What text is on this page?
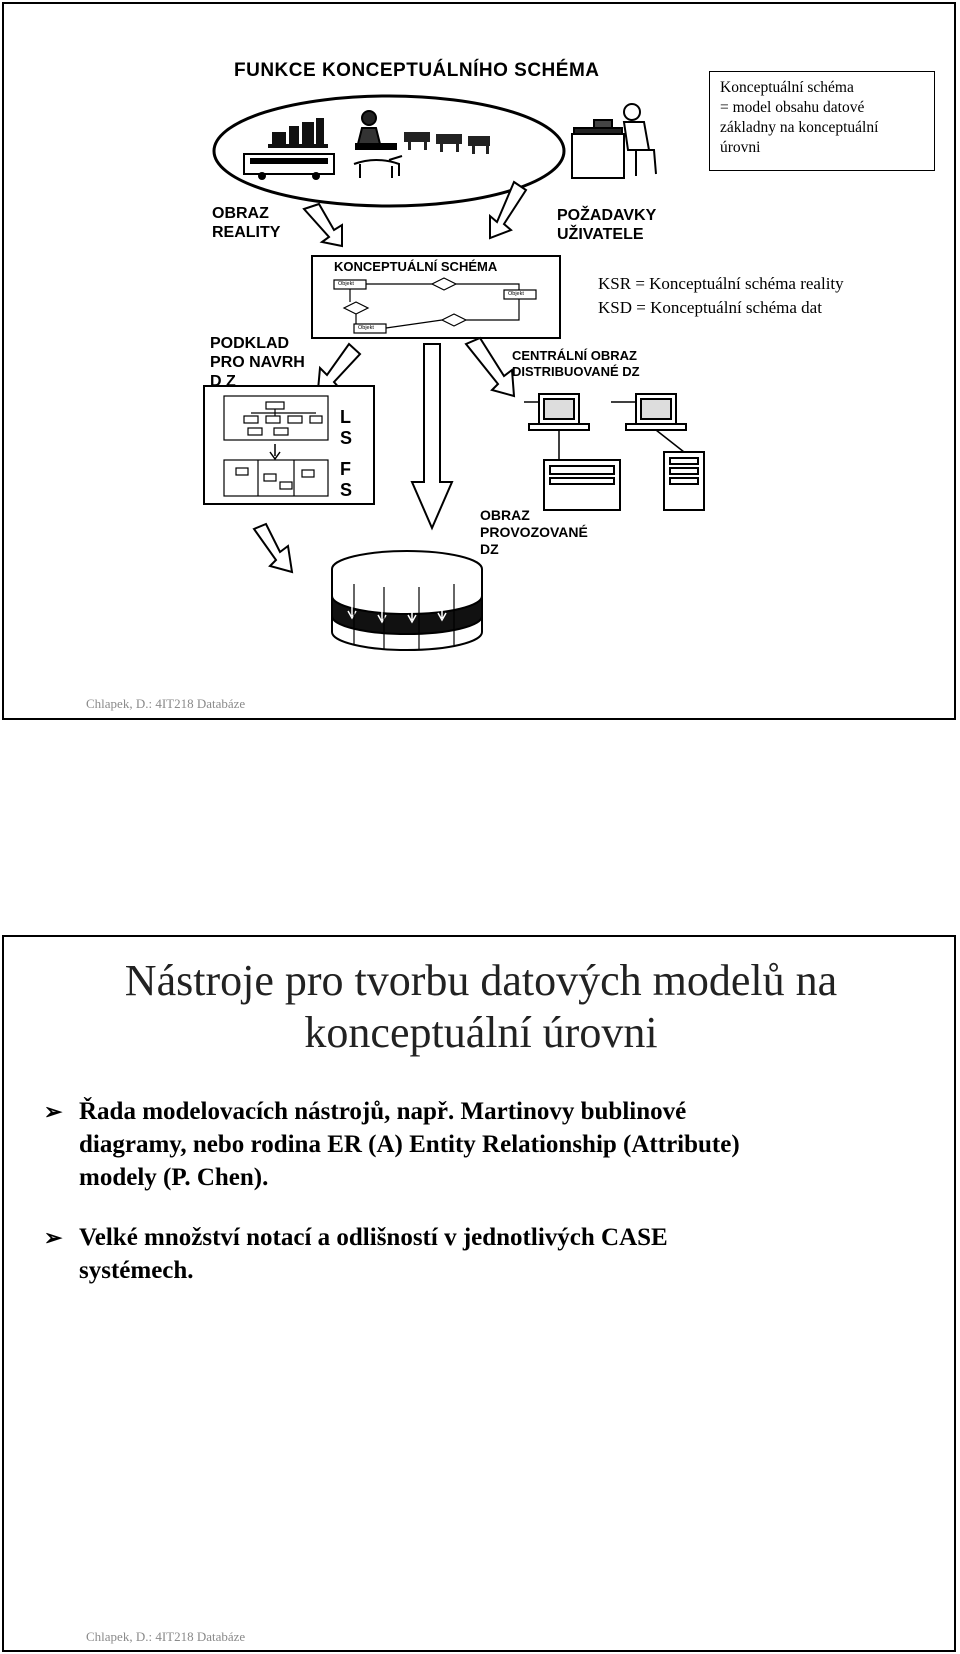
FUNKCE KONCEPTUÁLNÍHO SCHÉMA
Konceptuální schéma
= model obsahu datové
základny na konceptuální
úrovni
KSR = Konceptuální schéma reality
KSD = Konceptuální schéma dat
OBRAZ
REALITY
POŽADAVKY
UŽIVATELE
KONCEPTUÁLNÍ SCHÉMA
Objekt
Objekt
Objekt
PODKLAD
PRO NAVRH
D Z
CENTRÁLNÍ OBRAZ
DISTRIBUOVANÉ DZ
L
S
F
S
OBRAZ
PROVOZOVANÉ
DZ
Chlapek, D.: 4IT218 Databáze
Nástroje pro tvorbu datových modelů na
konceptuální úrovni
➢ Řada modelovacích nástrojů, např. Martinovy bublinové
diagramy, nebo rodina ER (A) Entity Relationship (Attribute)
modely (P. Chen).
➢ Velké množství notací a odlišností v jednotlivých CASE
systémech.
Chlapek, D.: 4IT218 Databáze
